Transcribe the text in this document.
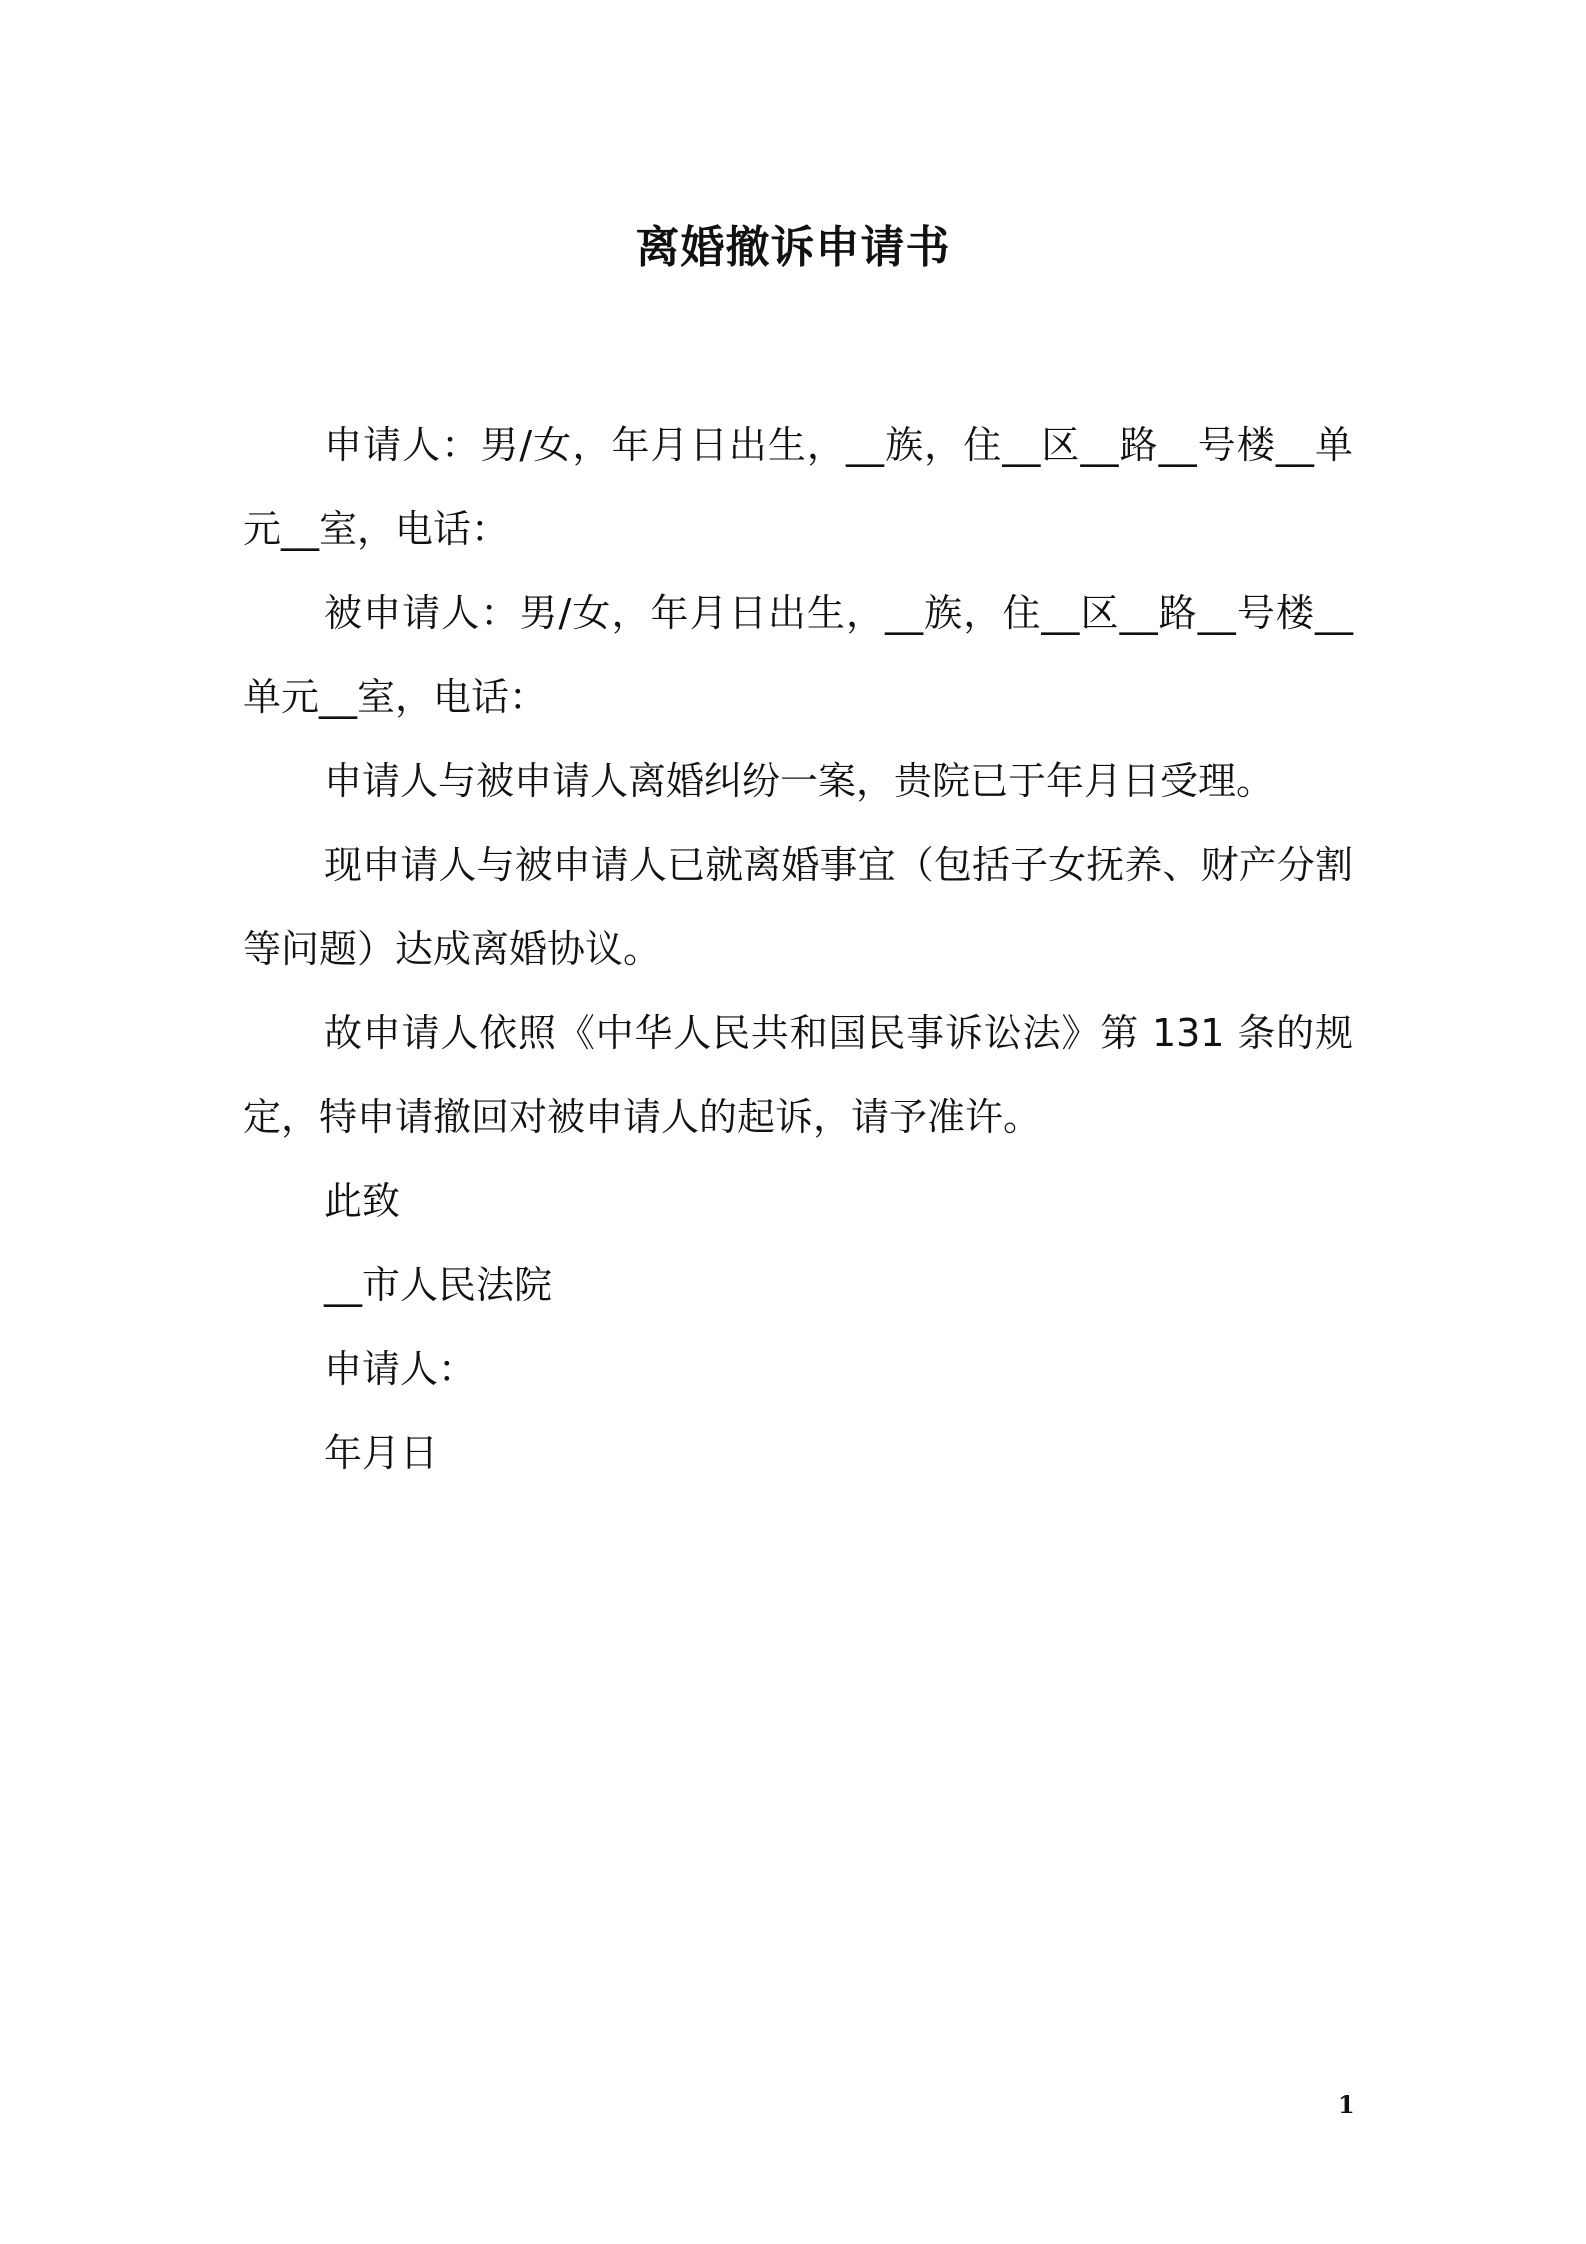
离婚撤诉申请书

申请人：男/女，年月日出生，__族，住__区__路__号楼__单元__室，电话：

被申请人：男/女，年月日出生，__族，住__区__路__号楼__单元__室，电话：

申请人与被申请人离婚纠纷一案，贵院已于年月日受理。

现申请人与被申请人已就离婚事宜（包括子女抚养、财产分割等问题）达成离婚协议。

故申请人依照《中华人民共和国民事诉讼法》第 131 条的规定，特申请撤回对被申请人的起诉，请予准许。

此致

__市人民法院

申请人：

年月日

1
